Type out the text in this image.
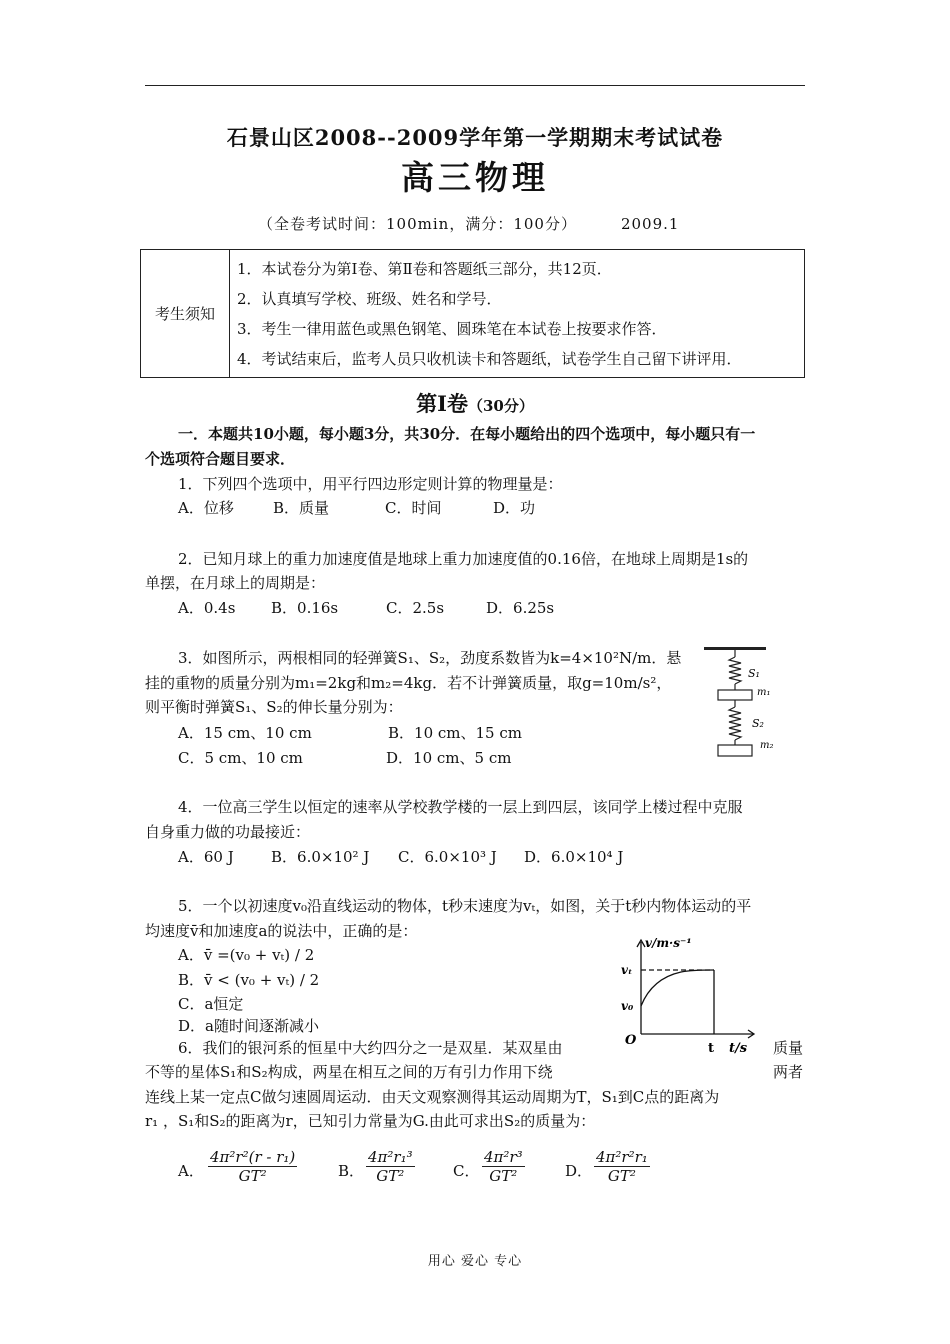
石景山区2008--2009学年第一学期期末考试试卷
高三物理
（全卷考试时间：100min，满分：100分）	2009.1
考生须知	
1．本试卷分为第Ⅰ卷、第Ⅱ卷和答题纸三部分，共12页．
2．认真填写学校、班级、姓名和学号．
3．考生一律用蓝色或黑色钢笔、圆珠笔在本试卷上按要求作答．
4．考试结束后，监考人员只收机读卡和答题纸，试卷学生自己留下讲评用．
第Ⅰ卷（30分）
一．本题共10小题，每小题3分，共30分．在每小题给出的四个选项中，每小题只有一
个选项符合题目要求．
1．下列四个选项中，用平行四边形定则计算的物理量是：
A．位移	B．质量	C．时间	D．功
2．已知月球上的重力加速度值是地球上重力加速度值的0.16倍，在地球上周期是1s的
单摆，在月球上的周期是：
A．0.4s B．0.16s	C．2.5s	D．6.25s
3．如图所示，两根相同的轻弹簧S₁、S₂，劲度系数皆为k=4×10²N/m．悬
挂的重物的质量分别为m₁=2kg和m₂=4kg．若不计弹簧质量，取g=10m/s²，
则平衡时弹簧S₁、S₂的伸长量分别为：
A．15 cm、10 cm	B．10 cm、15 cm
C．5 cm、10 cm	D．10 cm、5 cm
S₁
m₁
S₂
m₂
4．一位高三学生以恒定的速率从学校教学楼的一层上到四层，该同学上楼过程中克服
自身重力做的功最接近：
A．60 J B．6.0×10² J C．6.0×10³ J D．6.0×10⁴ J
5．一个以初速度v₀沿直线运动的物体，t秒末速度为vₜ，如图，关于t秒内物体运动的平
均速度v̄和加速度a的说法中，正确的是：
A．v̄ =(v₀ + vₜ) / 2
B．v̄ < (v₀ + vₜ) / 2
C．a恒定
D．a随时间逐渐减小
v/m·s⁻¹
vₜ
v₀
O
t t/s
6．我们的银河系的恒星中大约四分之一是双星．某双星由	质量
不等的星体S₁和S₂构成，两星在相互之间的万有引力作用下绕	两者
连线上某一定点C做匀速圆周运动．由天文观察测得其运动周期为T，S₁到C点的距离为
r₁ ，S₁和S₂的距离为r，已知引力常量为G.由此可求出S₂的质量为：
A． $\frac{\text{4π²r²(r - r₁)}}{\text{GT²}}$	B． $\frac{\text{4π²r₁³}}{\text{GT²}}$	C． $\frac{\text{4π²r³}}{\text{GT²}}$	D． $\frac{\text{4π²r²r₁}}{\text{GT²}}$
用心 爱心 专心
